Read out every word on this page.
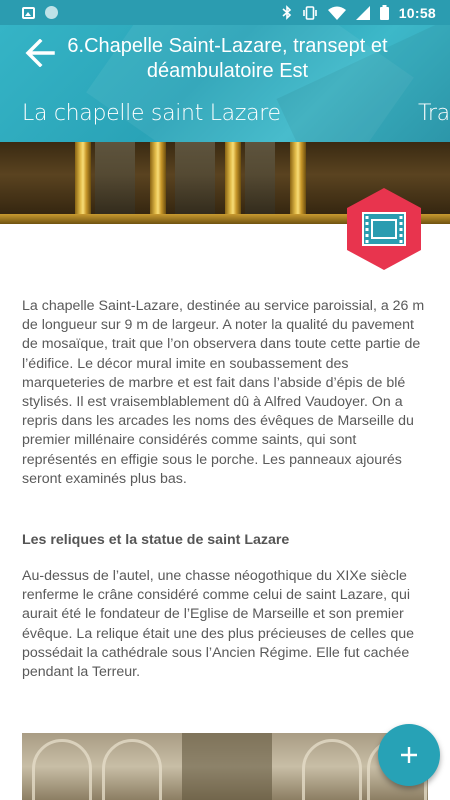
10:58
6.Chapelle Saint-Lazare, transept et déambulatoire Est
La chapelle saint Lazare	Tra

La chapelle Saint-Lazare, destinée au service paroissial, a 26 m de longueur sur 9 m de largeur. A noter la qualité du pavement de mosaïque, trait que l’on observera dans toute cette partie de l’édifice. Le décor mural imite en soubassement des marqueteries de marbre et est fait dans l’abside d’épis de blé stylisés. Il est vraisemblablement dû à Alfred Vaudoyer. On a repris dans les arcades les noms des évêques de Marseille du premier millénaire considérés comme saints, qui sont représentés en effigie sous le porche. Les panneaux ajourés seront examinés plus bas.

Les reliques et la statue de saint Lazare

Au-dessus de l’autel, une chasse néogothique du XIXe siècle renferme le crâne considéré comme celui de saint Lazare, qui aurait été le fondateur de l’Eglise de Marseille et son premier évêque. La relique était une des plus précieuses de celles que possédait la cathédrale sous l’Ancien Régime. Elle fut cachée pendant la Terreur.
